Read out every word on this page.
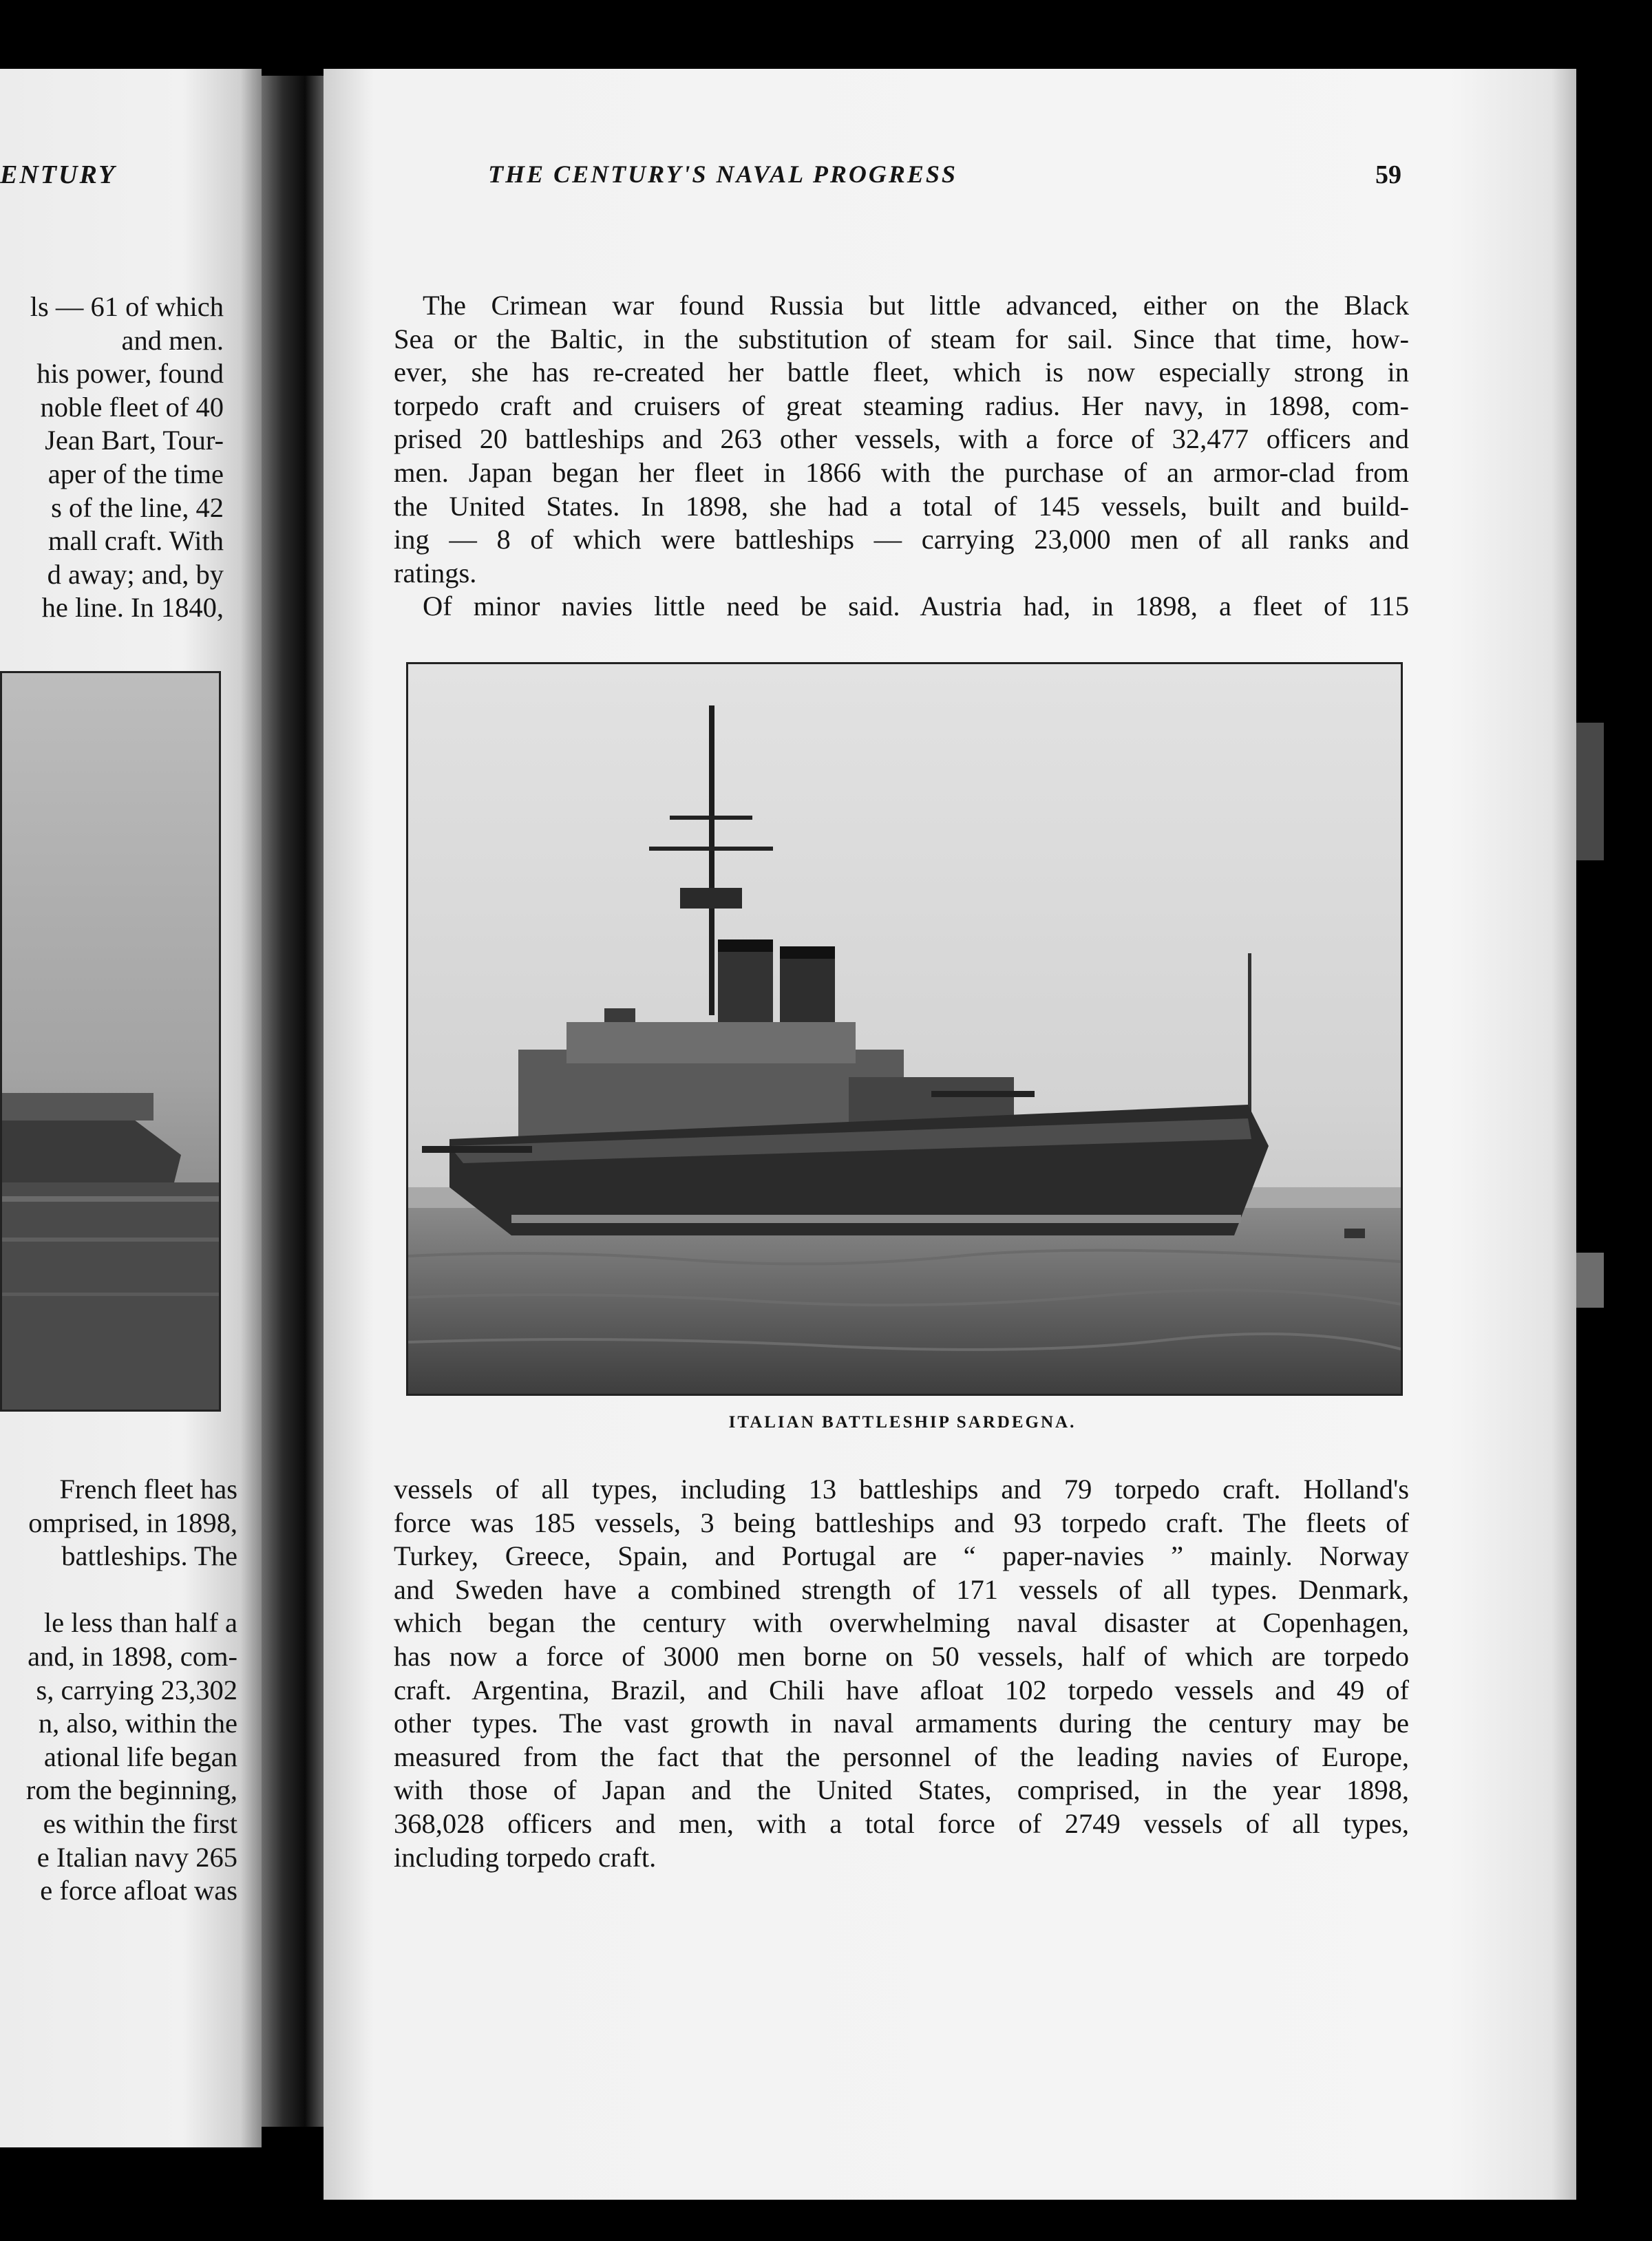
ENTURY
ls — 61 of which
and men.
his power, found
noble fleet of 40
Jean Bart, Tour-
aper of the time
s of the line, 42
mall craft. With
d away; and, by
he line. In 1840,
French fleet has
omprised, in 1898,
battleships. The
le less than half a
and, in 1898, com-
s, carrying 23,302
n, also, within the
ational life began
rom the beginning,
es within the first
e Italian navy 265
e force afloat was
THE CENTURY'S NAVAL PROGRESS	59
The Crimean war found Russia but little advanced, either on the Black
Sea or the Baltic, in the substitution of steam for sail. Since that time, how-
ever, she has re-created her battle fleet, which is now especially strong in
torpedo craft and cruisers of great steaming radius. Her navy, in 1898, com-
prised 20 battleships and 263 other vessels, with a force of 32,477 officers and
men. Japan began her fleet in 1866 with the purchase of an armor-clad from
the United States. In 1898, she had a total of 145 vessels, built and build-
ing — 8 of which were battleships — carrying 23,000 men of all ranks and
ratings.
Of minor navies little need be said. Austria had, in 1898, a fleet of 115
ITALIAN BATTLESHIP SARDEGNA.
vessels of all types, including 13 battleships and 79 torpedo craft. Holland's
force was 185 vessels, 3 being battleships and 93 torpedo craft. The fleets of
Turkey, Greece, Spain, and Portugal are “ paper-navies ” mainly. Norway
and Sweden have a combined strength of 171 vessels of all types. Denmark,
which began the century with overwhelming naval disaster at Copenhagen,
has now a force of 3000 men borne on 50 vessels, half of which are torpedo
craft. Argentina, Brazil, and Chili have afloat 102 torpedo vessels and 49 of
other types. The vast growth in naval armaments during the century may be
measured from the fact that the personnel of the leading navies of Europe,
with those of Japan and the United States, comprised, in the year 1898,
368,028 officers and men, with a total force of 2749 vessels of all types,
including torpedo craft.
